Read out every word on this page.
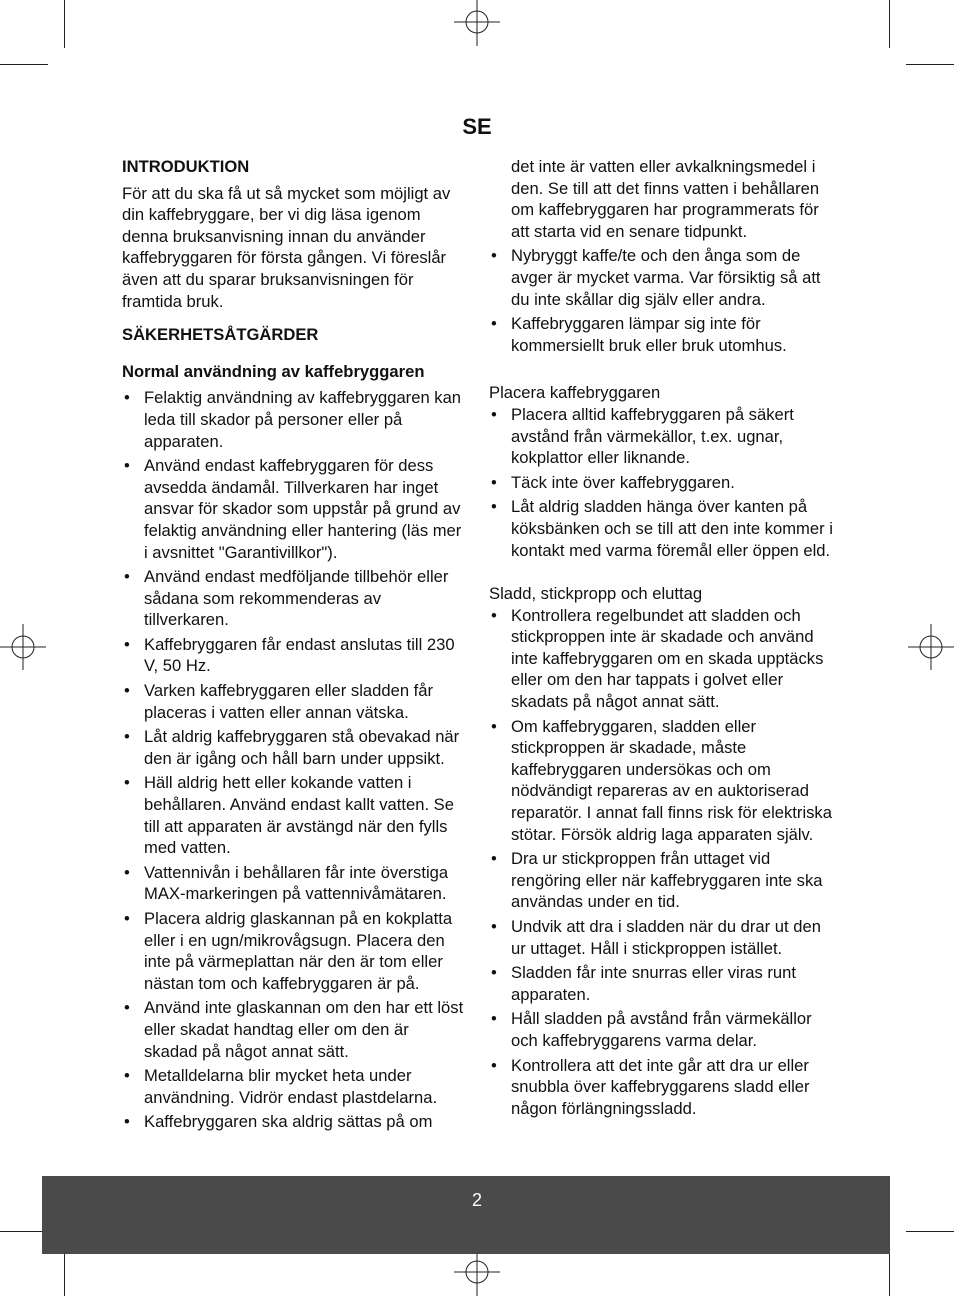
SE
INTRODUKTION

För att du ska få ut så mycket som möjligt av din kaffebryggare, ber vi dig läsa igenom denna bruksanvisning innan du använder kaffebryggaren för första gången. Vi föreslår även att du sparar bruksanvisningen för framtida bruk.

SÄKERHETSÅTGÄRDER
Normal användning av kaffebryggaren
• Felaktig användning av kaffebryggaren kan leda till skador på personer eller på apparaten.
• Använd endast kaffebryggaren för dess avsedda ändamål. Tillverkaren har inget ansvar för skador som uppstår på grund av felaktig användning eller hantering (läs mer i avsnittet "Garantivillkor").
• Använd endast medföljande tillbehör eller sådana som rekommenderas av tillverkaren.
• Kaffebryggaren får endast anslutas till 230 V, 50 Hz.
• Varken kaffebryggaren eller sladden får placeras i vatten eller annan vätska.
• Låt aldrig kaffebryggaren stå obevakad när den är igång och håll barn under uppsikt.
• Häll aldrig hett eller kokande vatten i behållaren. Använd endast kallt vatten. Se till att apparaten är avstängd när den fylls med vatten.
• Vattennivån i behållaren får inte överstiga MAX-markeringen på vattennivåmätaren.
• Placera aldrig glaskannan på en kokplatta eller i en ugn/mikrovågsugn. Placera den inte på värmeplattan när den är tom eller nästan tom och kaffebryggaren är på.
• Använd inte glaskannan om den har ett löst eller skadat handtag eller om den är skadad på något annat sätt.
• Metalldelarna blir mycket heta under användning. Vidrör endast plastdelarna.
• Kaffebryggaren ska aldrig sättas på om

det inte är vatten eller avkalkningsmedel i den. Se till att det finns vatten i behållaren om kaffebryggaren har programmerats för att starta vid en senare tidpunkt.

• Nybryggt kaffe/te och den ånga som de avger är mycket varma. Var försiktig så att du inte skållar dig själv eller andra.
• Kaffebryggaren lämpar sig inte för kommersiellt bruk eller bruk utomhus.
Placera kaffebryggaren
• Placera alltid kaffebryggaren på säkert avstånd från värmekällor, t.ex. ugnar, kokplattor eller liknande.
• Täck inte över kaffebryggaren.
• Låt aldrig sladden hänga över kanten på köksbänken och se till att den inte kommer i kontakt med varma föremål eller öppen eld.
Sladd, stickpropp och eluttag
• Kontrollera regelbundet att sladden och stickproppen inte är skadade och använd inte kaffebryggaren om en skada upptäcks eller om den har tappats i golvet eller skadats på något annat sätt.
• Om kaffebryggaren, sladden eller stickproppen är skadade, måste kaffebryggaren undersökas och om nödvändigt repareras av en auktoriserad reparatör. I annat fall finns risk för elektriska stötar. Försök aldrig laga apparaten själv.
• Dra ur stickproppen från uttaget vid rengöring eller när kaffebryggaren inte ska användas under en tid.
• Undvik att dra i sladden när du drar ut den ur uttaget. Håll i stickproppen istället.
• Sladden får inte snurras eller viras runt apparaten.
• Håll sladden på avstånd från värmekällor och kaffebryggarens varma delar.
• Kontrollera att det inte går att dra ur eller snubbla över kaffebryggarens sladd eller någon förlängningssladd.
2
